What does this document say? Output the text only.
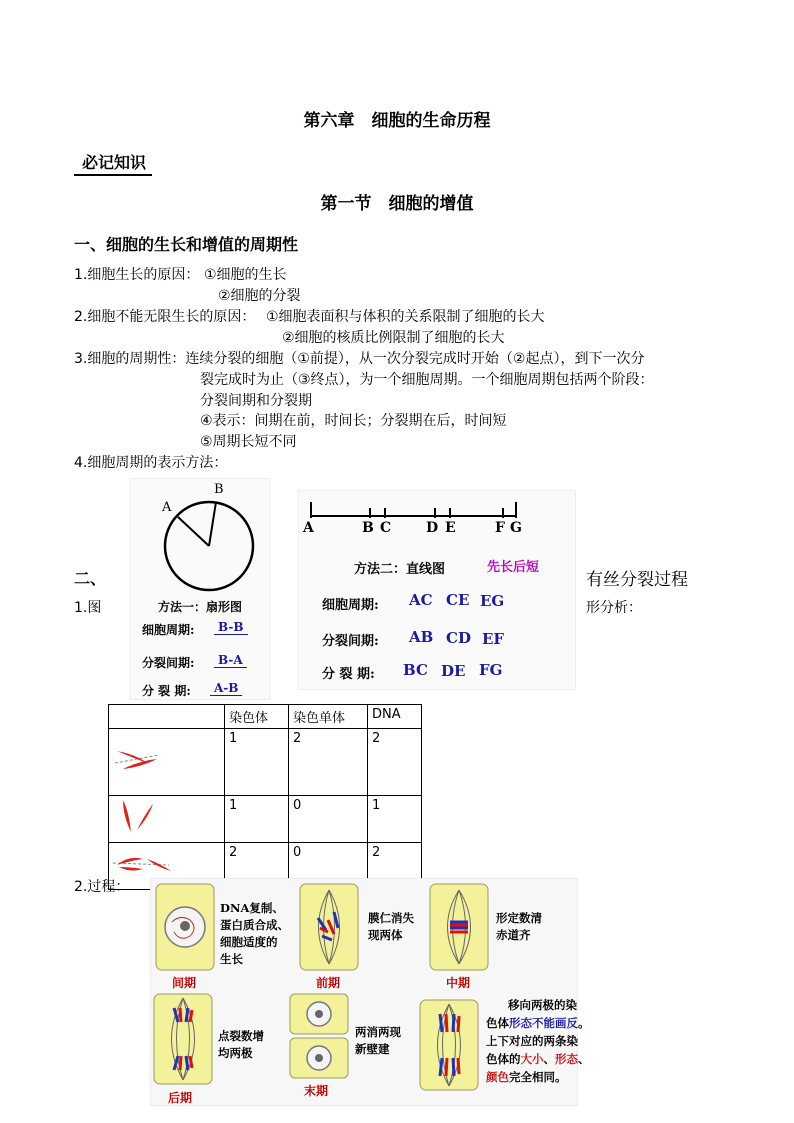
第六章　细胞的生命历程
必记知识
第一节　细胞的增值
一、细胞的生长和增值的周期性
1.细胞生长的原因： ①细胞的生长
②细胞的分裂
2.细胞不能无限生长的原因： ①细胞表面积与体积的关系限制了细胞的长大
②细胞的核质比例限制了细胞的长大
3.细胞的周期性：连续分裂的细胞（①前提），从一次分裂完成时开始（②起点），到下一次分
裂完成时为止（③终点），为一个细胞周期。一个细胞周期包括两个阶段：
分裂间期和分裂期
④表示：间期在前，时间长；分裂期在后，时间短
⑤周期长短不同
4.细胞周期的表示方法：
二、	有丝分裂过程
1.图	形分析：
A
B
方法一：扇形图
细胞周期:	B-B
分裂间期:	B-A
分 裂 期:	A-B
A	B C D E	F G
方法二：直线图	先长后短
细胞周期: AC CE EG
分裂间期: AB CD EF
分 裂 期: BC DE FG
	染色体	染色单体	DNA
	1	2	2
	1	0	1
	2	0	2
2.过程：
间期
DNA复制、
蛋白质合成、
细胞适度的
生长
前期
膜仁消失
现两体
中期
形定数清
赤道齐
后期
点裂数增
均两极
末期
两消两现
新壁建
移向两极的染
色体形态不能画反。
上下对应的两条染
色体的大小、形态、
颜色完全相同。
